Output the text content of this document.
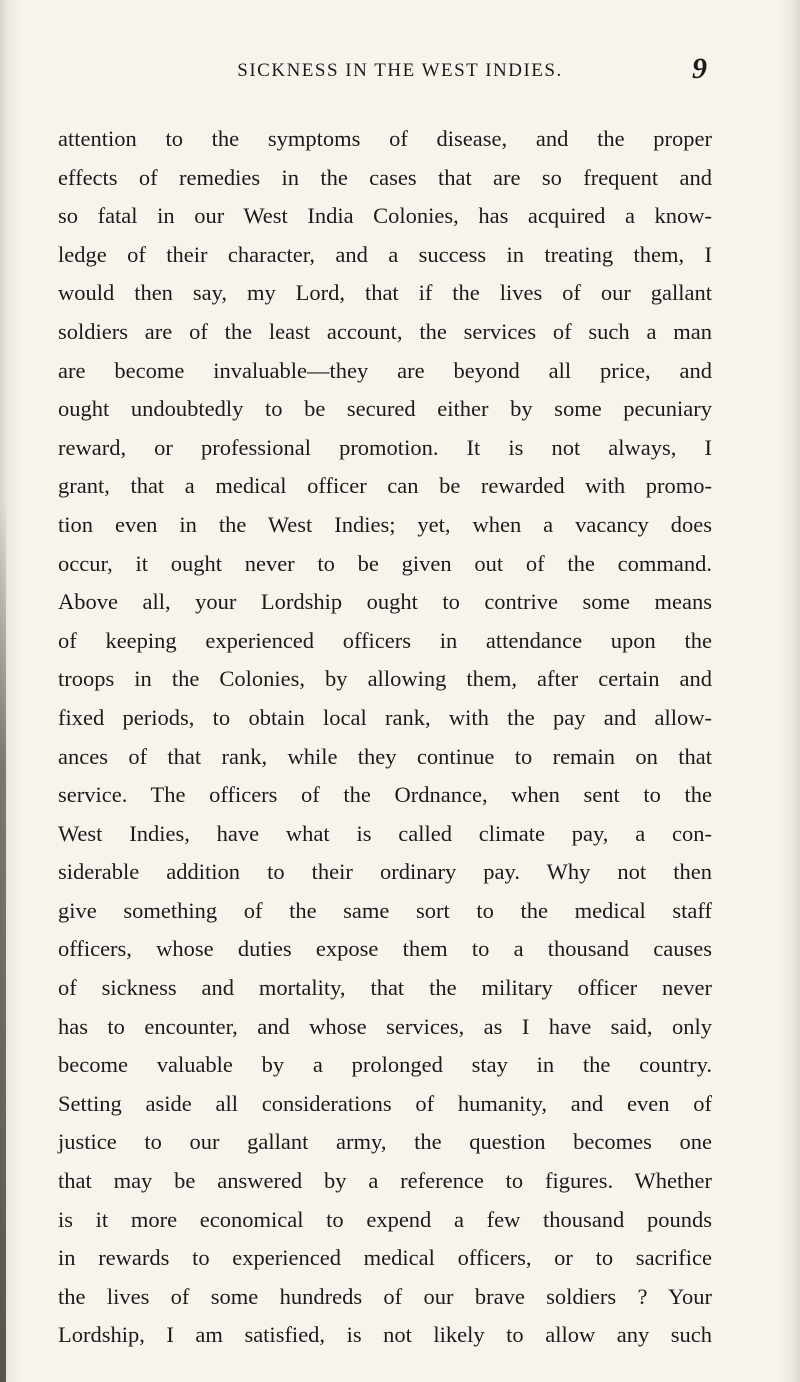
SICKNESS IN THE WEST INDIES.	9
attention to the symptoms of disease, and the proper
effects of remedies in the cases that are so frequent and
so fatal in our West India Colonies, has acquired a know-
ledge of their character, and a success in treating them, I
would then say, my Lord, that if the lives of our gallant
soldiers are of the least account, the services of such a man
are become invaluable—they are beyond all price, and
ought undoubtedly to be secured either by some pecuniary
reward, or professional promotion. It is not always, I
grant, that a medical officer can be rewarded with promo-
tion even in the West Indies; yet, when a vacancy does
occur, it ought never to be given out of the command.
Above all, your Lordship ought to contrive some means
of keeping experienced officers in attendance upon the
troops in the Colonies, by allowing them, after certain and
fixed periods, to obtain local rank, with the pay and allow-
ances of that rank, while they continue to remain on that
service. The officers of the Ordnance, when sent to the
West Indies, have what is called climate pay, a con-
siderable addition to their ordinary pay. Why not then
give something of the same sort to the medical staff
officers, whose duties expose them to a thousand causes
of sickness and mortality, that the military officer never
has to encounter, and whose services, as I have said, only
become valuable by a prolonged stay in the country.
Setting aside all considerations of humanity, and even of
justice to our gallant army, the question becomes one
that may be answered by a reference to figures. Whether
is it more economical to expend a few thousand pounds
in rewards to experienced medical officers, or to sacrifice
the lives of some hundreds of our brave soldiers ? Your
Lordship, I am satisfied, is not likely to allow any such
